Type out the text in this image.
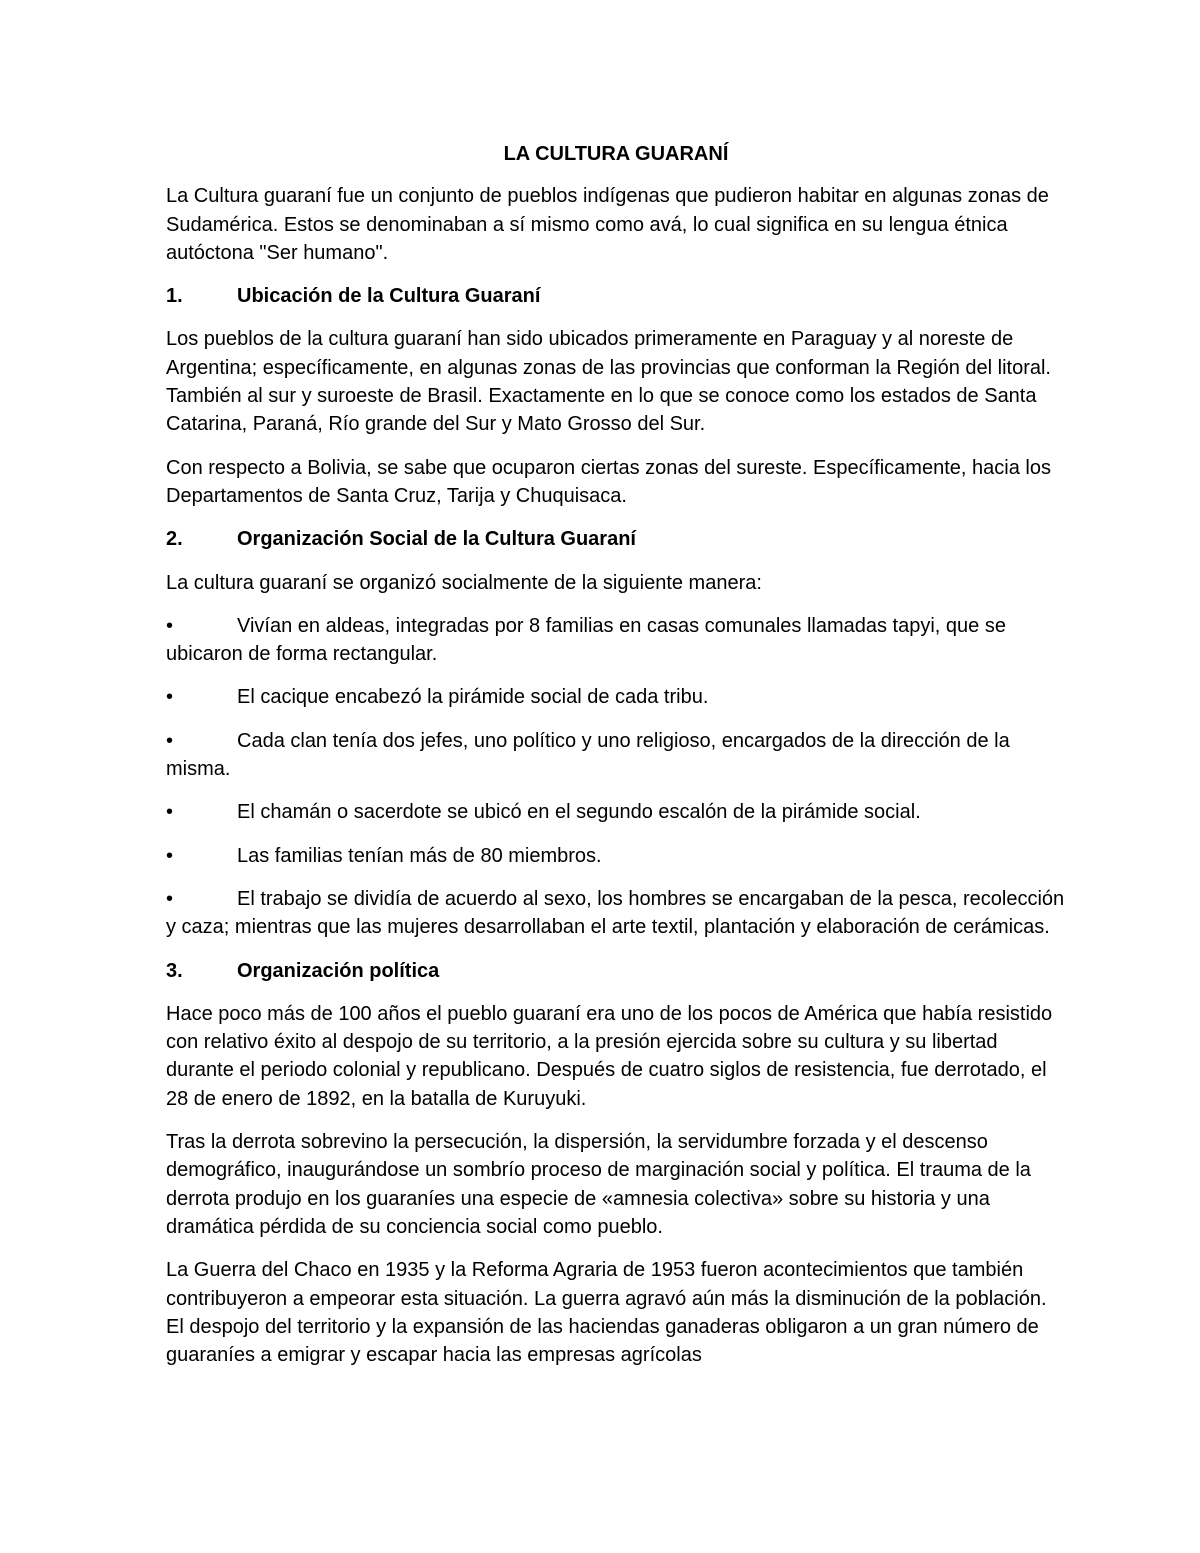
LA CULTURA GUARANÍ

La Cultura guaraní fue un conjunto de pueblos indígenas que pudieron habitar en algunas zonas de Sudamérica. Estos se denominaban a sí mismo como avá, lo cual significa en su lengua étnica autóctona "Ser humano".

1.	Ubicación de la Cultura Guaraní

Los pueblos de la cultura guaraní han sido ubicados primeramente en Paraguay y al noreste de Argentina; específicamente, en algunas zonas de las provincias que conforman la Región del litoral. También al sur y suroeste de Brasil. Exactamente en lo que se conoce como los estados de Santa Catarina, Paraná, Río grande del Sur y Mato Grosso del Sur.

Con respecto a Bolivia, se sabe que ocuparon ciertas zonas del sureste. Específicamente, hacia los Departamentos de Santa Cruz, Tarija y Chuquisaca.

2.	Organización Social de la Cultura Guaraní

La cultura guaraní se organizó socialmente de la siguiente manera:

•	Vivían en aldeas, integradas por 8 familias en casas comunales llamadas tapyi, que se ubicaron de forma rectangular.
•	El cacique encabezó la pirámide social de cada tribu.
•	Cada clan tenía dos jefes, uno político y uno religioso, encargados de la dirección de la misma.
•	El chamán o sacerdote se ubicó en el segundo escalón de la pirámide social.
•	Las familias tenían más de 80 miembros.
•	El trabajo se dividía de acuerdo al sexo, los hombres se encargaban de la pesca, recolección y caza; mientras que las mujeres desarrollaban el arte textil, plantación y elaboración de cerámicas.
3.	Organización política

Hace poco más de 100 años el pueblo guaraní era uno de los pocos de América que había resistido con relativo éxito al despojo de su territorio, a la presión ejercida sobre su cultura y su libertad durante el periodo colonial y republicano. Después de cuatro siglos de resistencia, fue derrotado, el 28 de enero de 1892, en la batalla de Kuruyuki.

Tras la derrota sobrevino la persecución, la dispersión, la servidumbre forzada y el descenso demográfico, inaugurándose un sombrío proceso de marginación social y política. El trauma de la derrota produjo en los guaraníes una especie de «amnesia colectiva» sobre su historia y una dramática pérdida de su conciencia social como pueblo.

La Guerra del Chaco en 1935 y la Reforma Agraria de 1953 fueron acontecimientos que también contribuyeron a empeorar esta situación. La guerra agravó aún más la disminución de la población. El despojo del territorio y la expansión de las haciendas ganaderas obligaron a un gran número de guaraníes a emigrar y escapar hacia las empresas agrícolas
